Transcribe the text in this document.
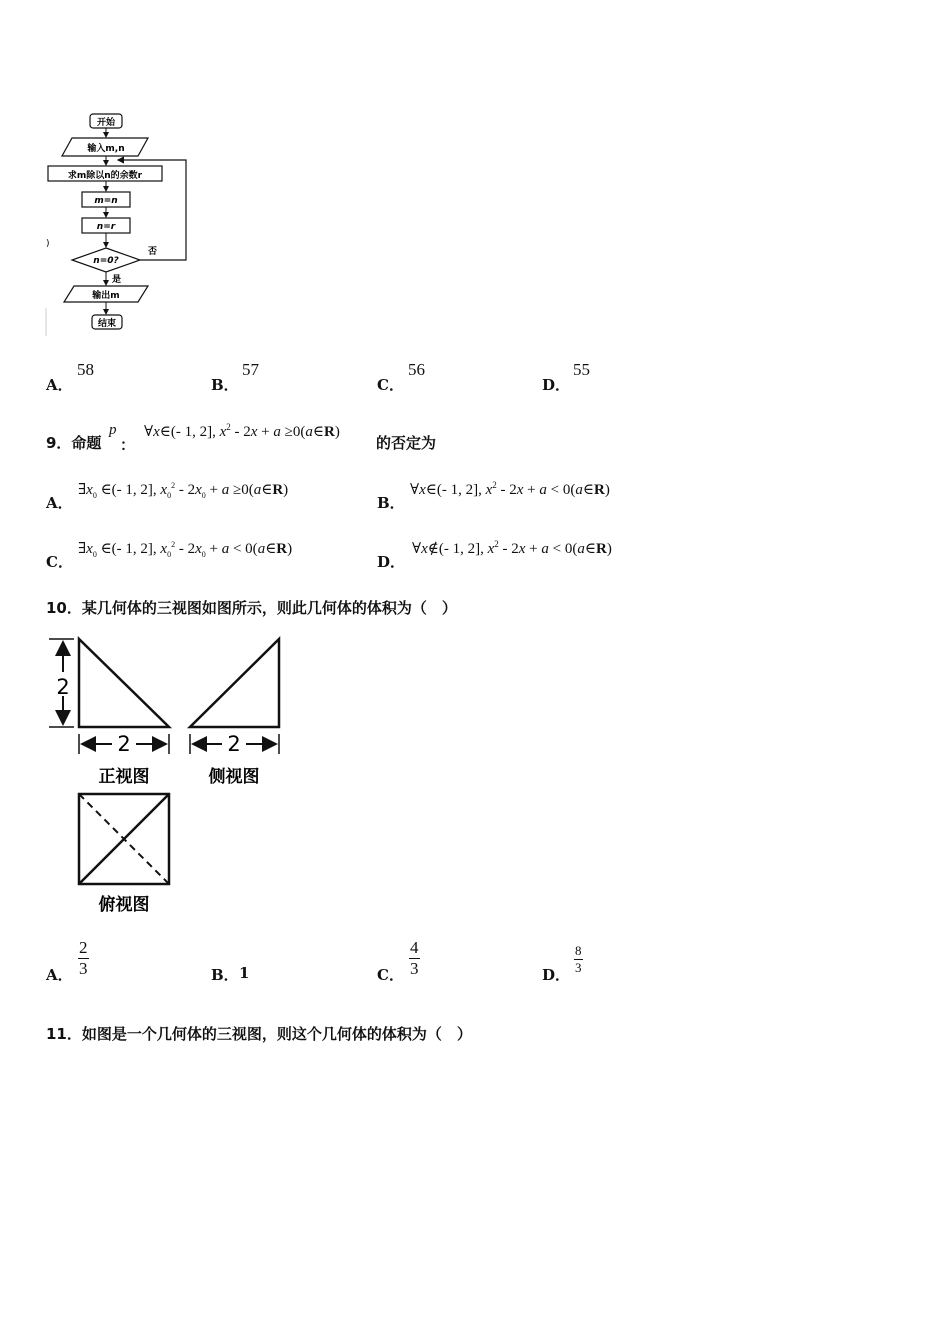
开始
输入m,n
求m除以n的余数r
m=n
n=r
)
n=0?
否
是
输出m
结束
A．
58
B．
57
C．
56
D．
55
9．命题
p
：
∀x∈(- 1, 2], $x^2 - 2x + a$ ≥0(a∈R)
的否定为
A．
$\exists x_0$ ∈(- 1, 2], $x_0^2 - 2x_0 + a$ ≥0(a∈R)
B．
∀x∈(- 1, 2], $x^2 - 2x + a$ < 0(a∈R)
C．
$\exists x_0$ ∈(- 1, 2], $x_0^2 - 2x_0 + a$ < 0(a∈R)
D．
∀x∉(- 1, 2], $x^2 - 2x + a$ < 0(a∈R)
10．某几何体的三视图如图所示，则此几何体的体积为（　）
2
2
正视图
2
侧视图
俯视图
A． $\frac{2}{3}$	B． 1	C． $\frac{4}{3}$	D． $\frac{8}{3}$
11．如图是一个几何体的三视图，则这个几何体的体积为（　）
